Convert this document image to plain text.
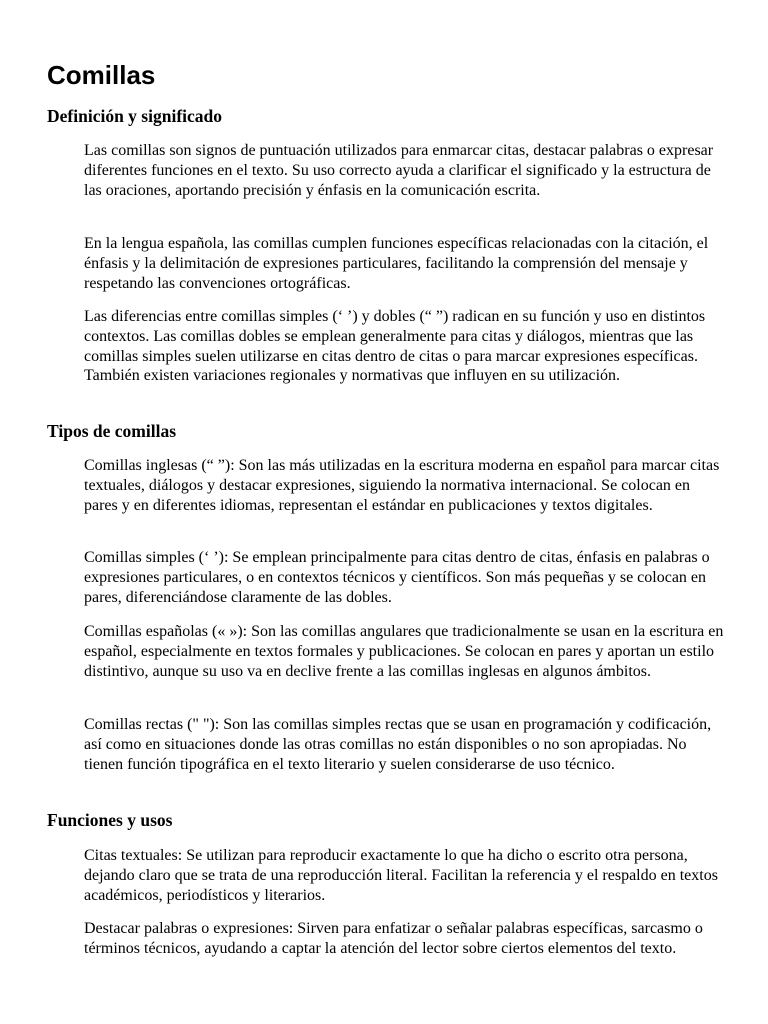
Comillas
Definición y significado

Las comillas son signos de puntuación utilizados para enmarcar citas, destacar palabras o expresar diferentes funciones en el texto. Su uso correcto ayuda a clarificar el significado y la estructura de las oraciones, aportando precisión y énfasis en la comunicación escrita.

En la lengua española, las comillas cumplen funciones específicas relacionadas con la citación, el énfasis y la delimitación de expresiones particulares, facilitando la comprensión del mensaje y respetando las convenciones ortográficas.

Las diferencias entre comillas simples (‘ ’) y dobles (“ ”) radican en su función y uso en distintos contextos. Las comillas dobles se emplean generalmente para citas y diálogos, mientras que las comillas simples suelen utilizarse en citas dentro de citas o para marcar expresiones específicas. También existen variaciones regionales y normativas que influyen en su utilización.

Tipos de comillas

Comillas inglesas (“ ”): Son las más utilizadas en la escritura moderna en español para marcar citas textuales, diálogos y destacar expresiones, siguiendo la normativa internacional. Se colocan en pares y en diferentes idiomas, representan el estándar en publicaciones y textos digitales.

Comillas simples (‘ ’): Se emplean principalmente para citas dentro de citas, énfasis en palabras o expresiones particulares, o en contextos técnicos y científicos. Son más pequeñas y se colocan en pares, diferenciándose claramente de las dobles.

Comillas españolas (« »): Son las comillas angulares que tradicionalmente se usan en la escritura en español, especialmente en textos formales y publicaciones. Se colocan en pares y aportan un estilo distintivo, aunque su uso va en declive frente a las comillas inglesas en algunos ámbitos.

Comillas rectas (" "): Son las comillas simples rectas que se usan en programación y codificación, así como en situaciones donde las otras comillas no están disponibles o no son apropiadas. No tienen función tipográfica en el texto literario y suelen considerarse de uso técnico.

Funciones y usos

Citas textuales: Se utilizan para reproducir exactamente lo que ha dicho o escrito otra persona, dejando claro que se trata de una reproducción literal. Facilitan la referencia y el respaldo en textos académicos, periodísticos y literarios.

Destacar palabras o expresiones: Sirven para enfatizar o señalar palabras específicas, sarcasmo o términos técnicos, ayudando a captar la atención del lector sobre ciertos elementos del texto.
